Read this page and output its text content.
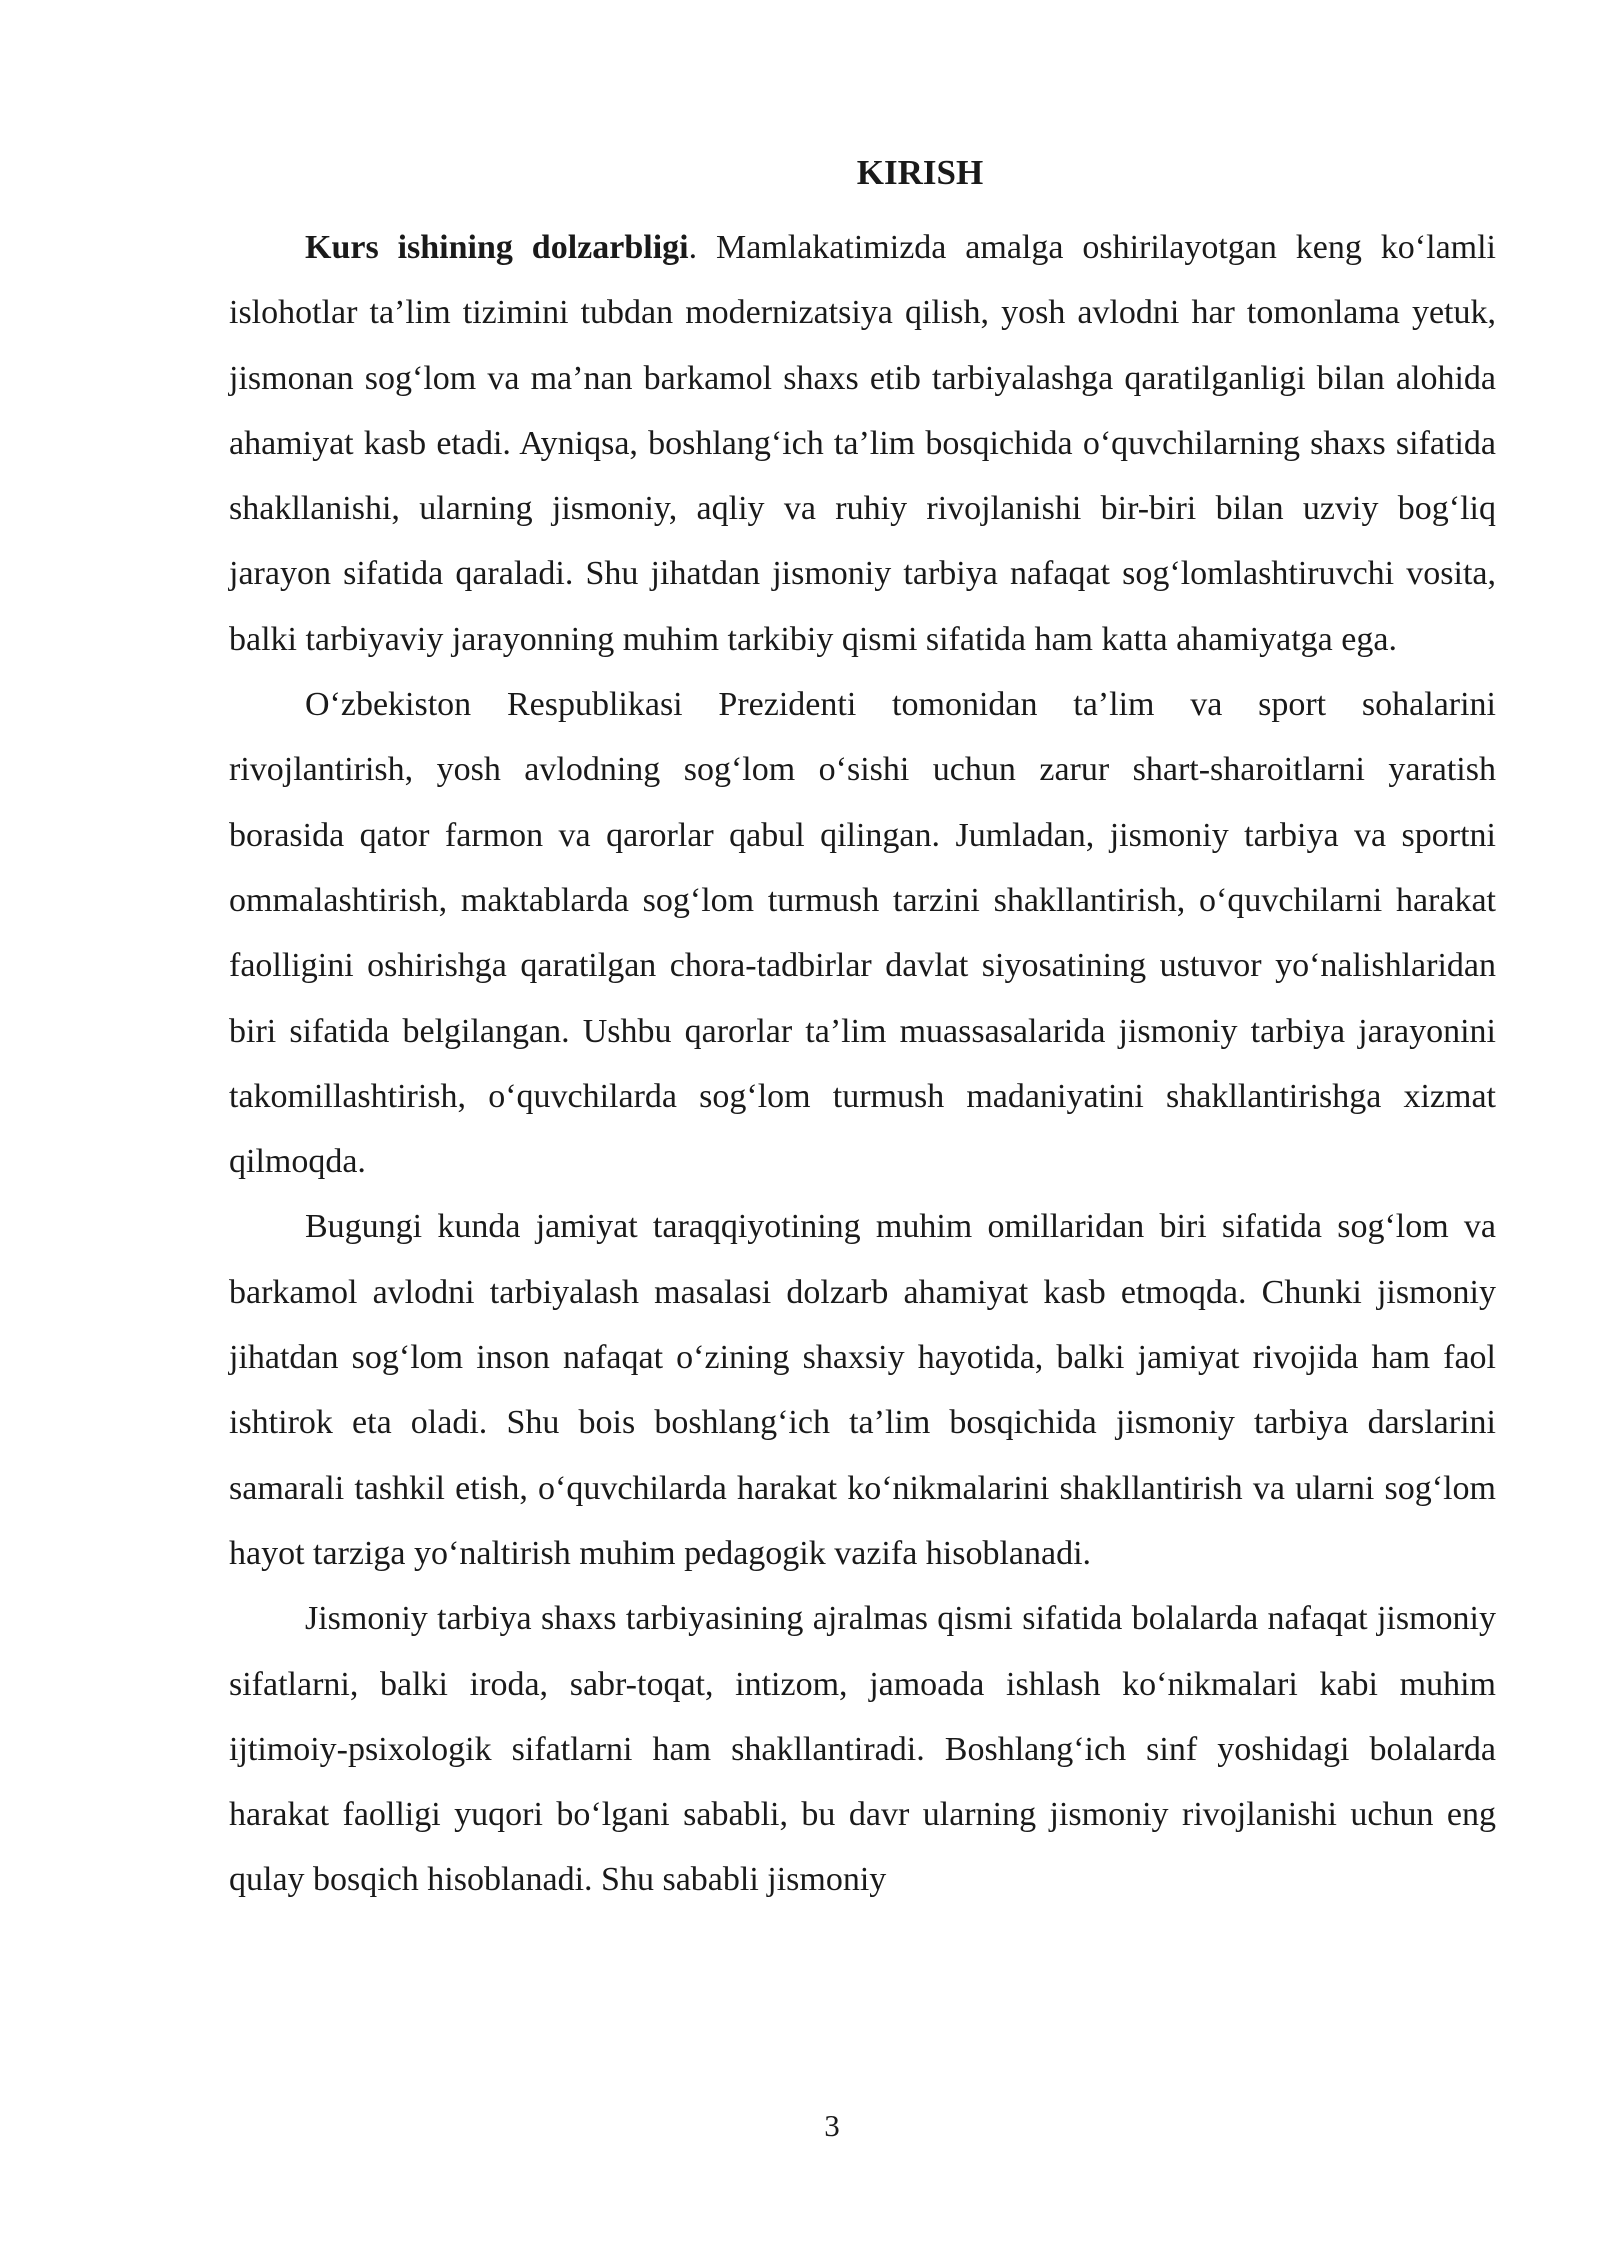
KIRISH

Kurs ishining dolzarbligi. Mamlakatimizda amalga oshirilayotgan keng ko‘lamli islohotlar ta’lim tizimini tubdan modernizatsiya qilish, yosh avlodni har tomonlama yetuk, jismonan sog‘lom va ma’nan barkamol shaxs etib tarbiyalashga qaratilganligi bilan alohida ahamiyat kasb etadi. Ayniqsa, boshlang‘ich ta’lim bosqichida o‘quvchilarning shaxs sifatida shakllanishi, ularning jismoniy, aqliy va ruhiy rivojlanishi bir-biri bilan uzviy bog‘liq jarayon sifatida qaraladi. Shu jihatdan jismoniy tarbiya nafaqat sog‘lomlashtiruvchi vosita, balki tarbiyaviy jarayonning muhim tarkibiy qismi sifatida ham katta ahamiyatga ega.

O‘zbekiston Respublikasi Prezidenti tomonidan ta’lim va sport sohalarini rivojlantirish, yosh avlodning sog‘lom o‘sishi uchun zarur shart-sharoitlarni yaratish borasida qator farmon va qarorlar qabul qilingan. Jumladan, jismoniy tarbiya va sportni ommalashtirish, maktablarda sog‘lom turmush tarzini shakllantirish, o‘quvchilarni harakat faolligini oshirishga qaratilgan chora-tadbirlar davlat siyosatining ustuvor yo‘nalishlaridan biri sifatida belgilangan. Ushbu qarorlar ta’lim muassasalarida jismoniy tarbiya jarayonini takomillashtirish, o‘quvchilarda sog‘lom turmush madaniyatini shakllantirishga xizmat qilmoqda.

Bugungi kunda jamiyat taraqqiyotining muhim omillaridan biri sifatida sog‘lom va barkamol avlodni tarbiyalash masalasi dolzarb ahamiyat kasb etmoqda. Chunki jismoniy jihatdan sog‘lom inson nafaqat o‘zining shaxsiy hayotida, balki jamiyat rivojida ham faol ishtirok eta oladi. Shu bois boshlang‘ich ta’lim bosqichida jismoniy tarbiya darslarini samarali tashkil etish, o‘quvchilarda harakat ko‘nikmalarini shakllantirish va ularni sog‘lom hayot tarziga yo‘naltirish muhim pedagogik vazifa hisoblanadi.

Jismoniy tarbiya shaxs tarbiyasining ajralmas qismi sifatida bolalarda nafaqat jismoniy sifatlarni, balki iroda, sabr-toqat, intizom, jamoada ishlash ko‘nikmalari kabi muhim ijtimoiy-psixologik sifatlarni ham shakllantiradi. Boshlang‘ich sinf yoshidagi bolalarda harakat faolligi yuqori bo‘lgani sababli, bu davr ularning jismoniy rivojlanishi uchun eng qulay bosqich hisoblanadi. Shu sababli jismoniy

3
